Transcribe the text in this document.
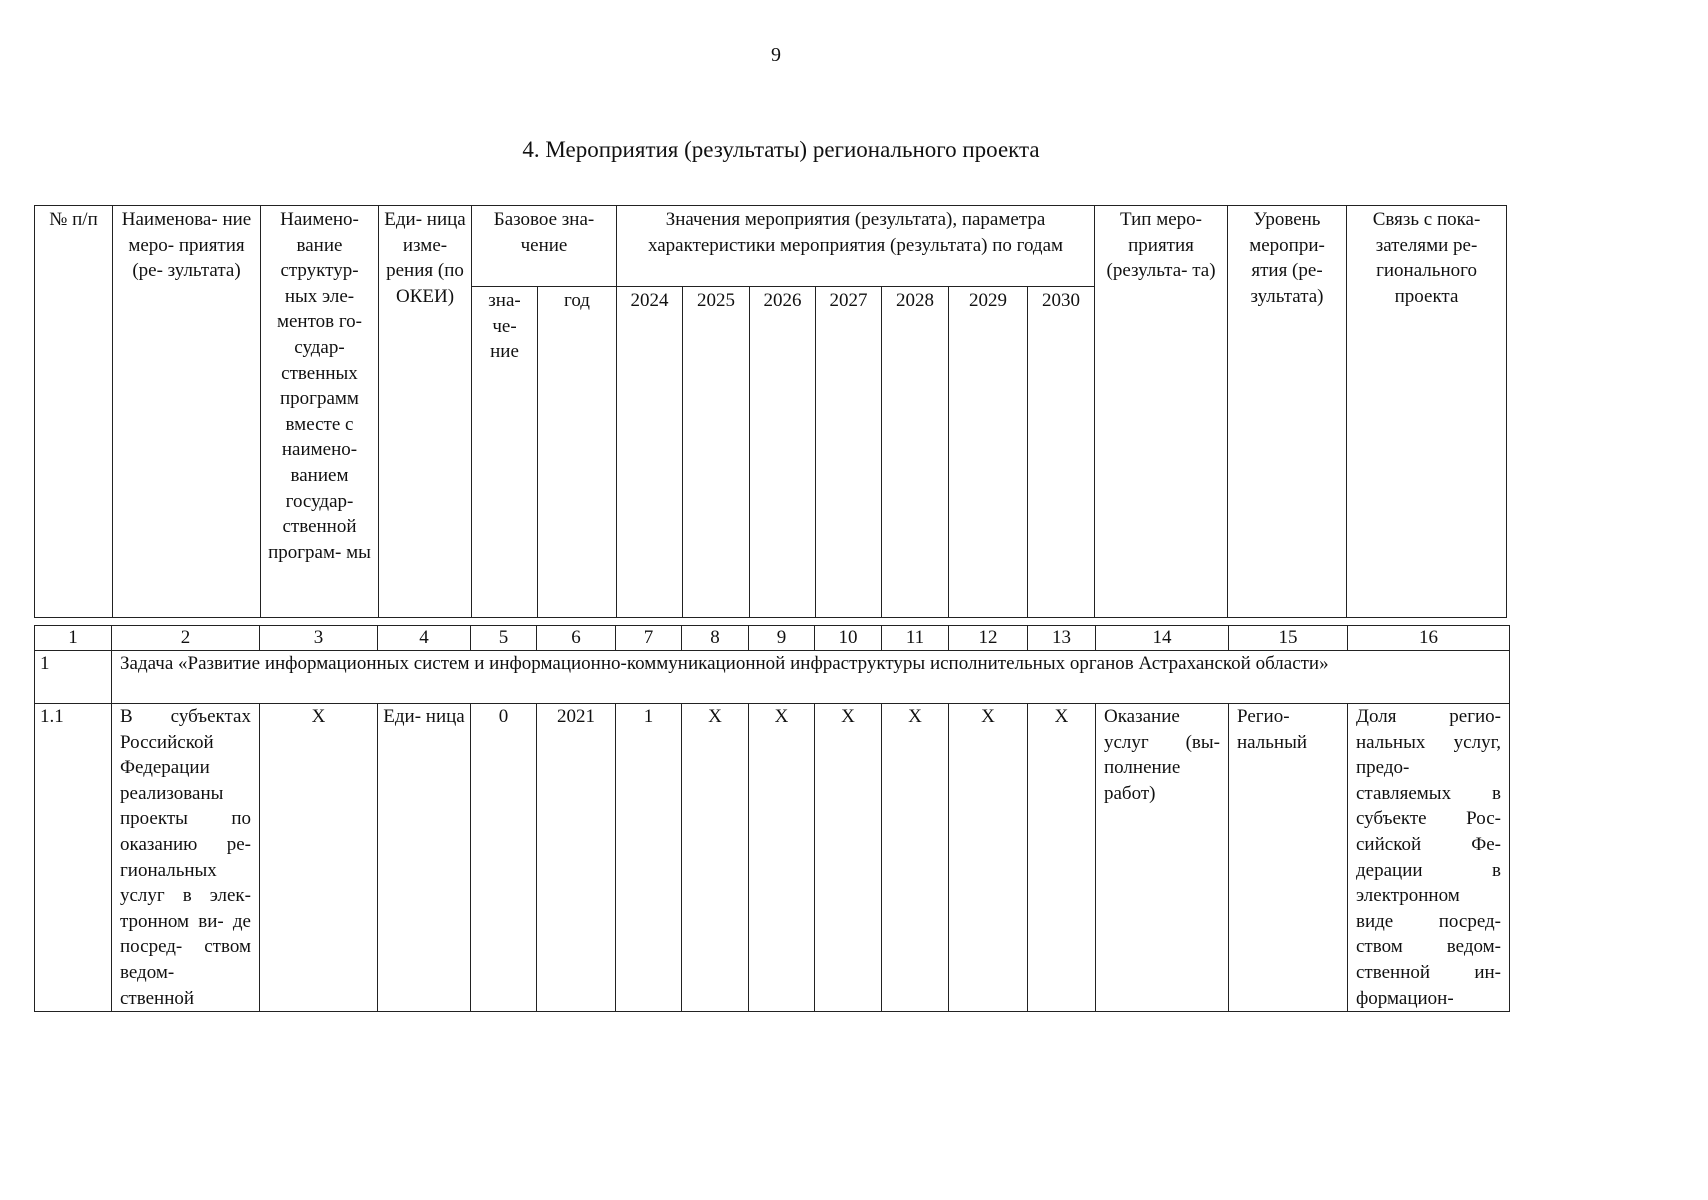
9
4. Мероприятия (результаты) регионального проекта
№ п/п	Наименова- ние меро- приятия (ре- зультата)	Наимено- вание структур- ных эле- ментов го- судар- ственных программ вместе с наимено- ванием государ- ственной програм- мы	Еди- ница изме- рения (по ОКЕИ)	Базовое зна- чение		Значения мероприятия (результата), параметра характеристики мероприятия (результата) по годам							Тип меро- приятия (результа- та)	Уровень меропри- ятия (ре- зультата)	Связь с пока- зателями ре- гионального проекта
				зна- че- ние	год	2024	2025	2026	2027	2028	2029	2030			
1	2	3	4	5	6	7	8	9	10	11	12	13	14	15	16
1	Задача «Развитие информационных систем и информационно-коммуникационной инфраструктуры исполнительных органов Астраханской области»														
1.1	В субъектах Российской Федерации реализованы проекты по оказанию ре- гиональных услуг в элек- тронном ви- де посред- ством ведом- ственной	X	Еди- ница	0	2021	1	X	X	X	X	X	X	Оказание услуг (вы- полнение работ)	Регио- нальный	Доля регио- нальных услуг, предо- ставляемых в субъекте Рос- сийской Фе- дерации в электронном виде посред- ством ведом- ственной ин- формацион-
